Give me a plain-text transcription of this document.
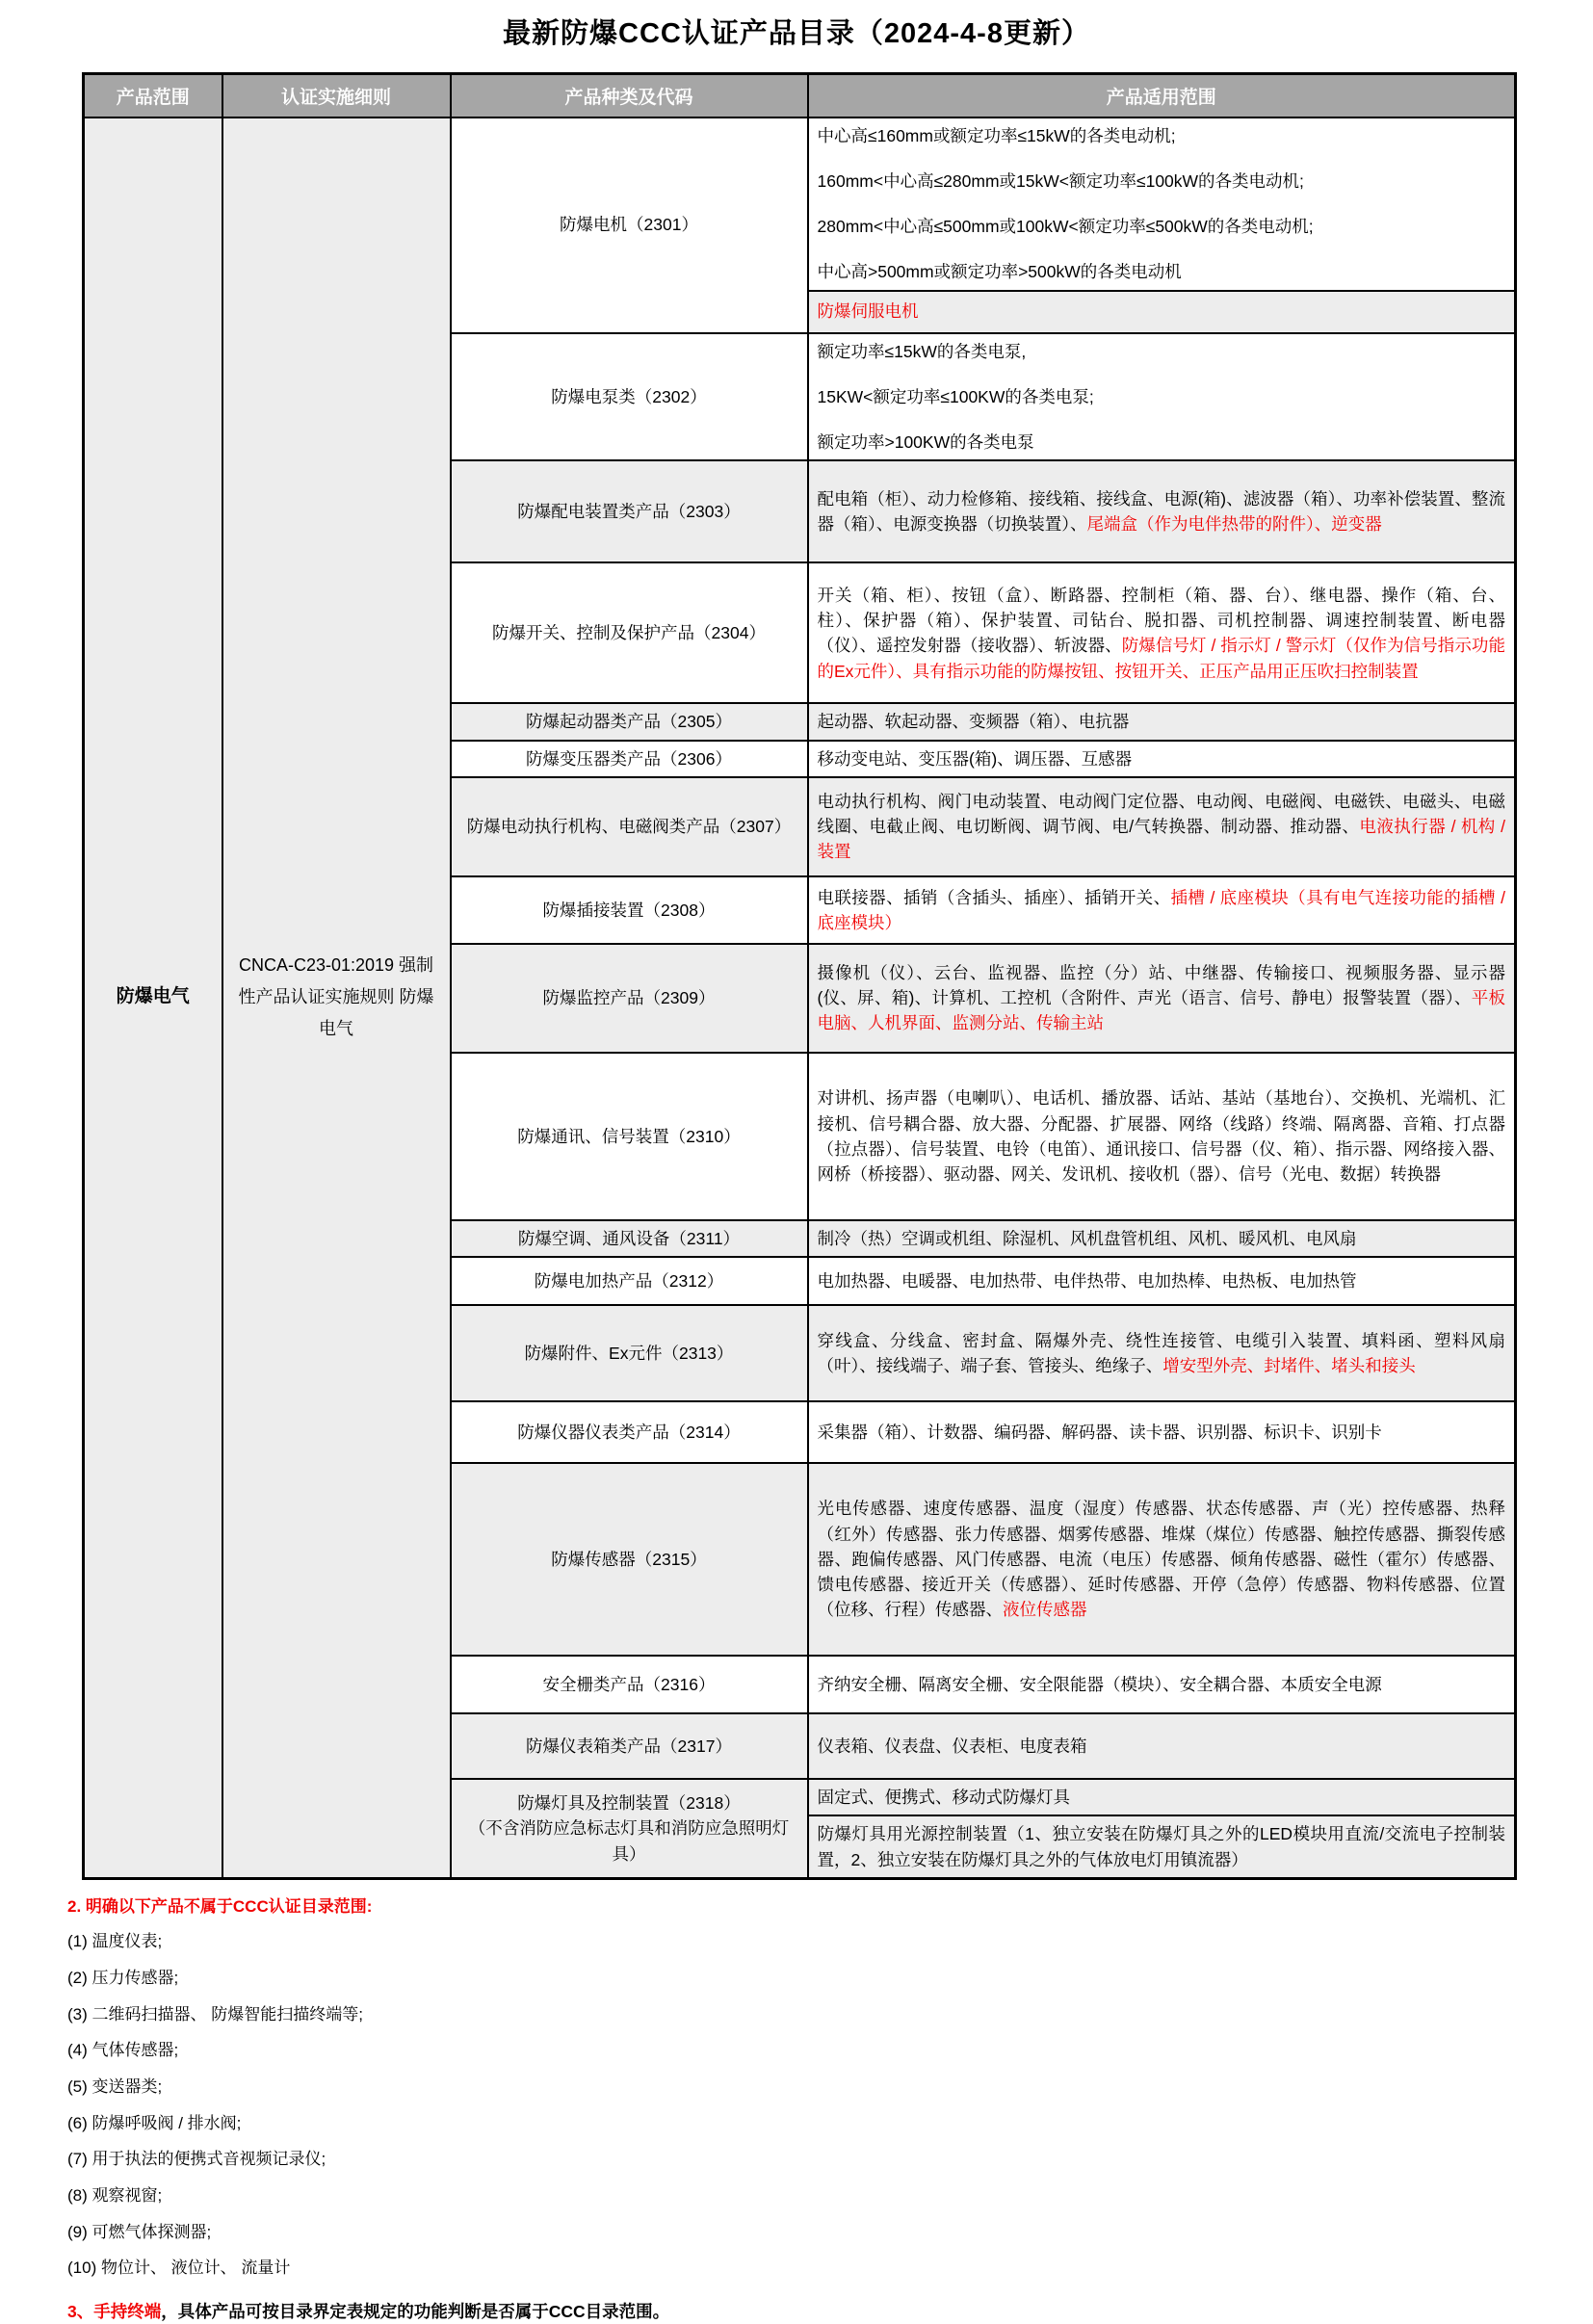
最新防爆CCC认证产品目录（2024-4-8更新）
产品范围	认证实施细则	产品种类及代码	产品适用范围
防爆电气	CNCA-C23-01:2019 强制性产品认证实施规则 防爆电气	防爆电机（2301）	中心高≤160mm或额定功率≤15kW的各类电动机;
160mm<中心高≤280mm或15kW<额定功率≤100kW的各类电动机;
280mm<中心高≤500mm或100kW<额定功率≤500kW的各类电动机;
中心高>500mm或额定功率>500kW的各类电动机

			防爆伺服电机

		防爆电泵类（2302）	额定功率≤15kW的各类电泵,
15KW<额定功率≤100KW的各类电泵;
额定功率>100KW的各类电泵

		防爆配电装置类产品（2303）	配电箱（柜）、动力检修箱、接线箱、接线盒、电源(箱)、滤波器（箱）、功率补偿装置、整流器（箱）、电源变换器（切换装置）、尾端盒（作为电伴热带的附件）、逆变器

		防爆开关、控制及保护产品（2304）	开关（箱、柜）、按钮（盒）、断路器、控制柜（箱、器、台）、继电器、操作（箱、台、柱）、保护器（箱）、保护装置、司钻台、脱扣器、司机控制器、调速控制装置、断电器（仪）、遥控发射器（接收器）、斩波器、防爆信号灯 / 指示灯 / 警示灯（仅作为信号指示功能的Ex元件）、具有指示功能的防爆按钮、按钮开关、正压产品用正压吹扫控制装置

		防爆起动器类产品（2305）	起动器、软起动器、变频器（箱）、电抗器

		防爆变压器类产品（2306）	移动变电站、变压器(箱)、调压器、互感器

		防爆电动执行机构、电磁阀类产品（2307）	电动执行机构、阀门电动装置、电动阀门定位器、电动阀、电磁阀、电磁铁、电磁头、电磁线圈、电截止阀、电切断阀、调节阀、电/气转换器、制动器、推动器、电液执行器 / 机构 / 装置

		防爆插接装置（2308）	电联接器、插销（含插头、插座）、插销开关、插槽 / 底座模块（具有电气连接功能的插槽 / 底座模块）

		防爆监控产品（2309）	摄像机（仪）、云台、监视器、监控（分）站、中继器、传输接口、视频服务器、显示器(仪、屏、箱)、计算机、工控机（含附件、声光（语言、信号、静电）报警装置（器）、平板电脑、人机界面、监测分站、传输主站

		防爆通讯、信号装置（2310）	对讲机、扬声器（电喇叭）、电话机、播放器、话站、基站（基地台）、交换机、光端机、汇接机、信号耦合器、放大器、分配器、扩展器、网络（线路）终端、隔离器、音箱、打点器（拉点器）、信号装置、电铃（电笛）、通讯接口、信号器（仪、箱）、指示器、网络接入器、网桥（桥接器）、驱动器、网关、发讯机、接收机（器）、信号（光电、数据）转换器

		防爆空调、通风设备（2311）	制冷（热）空调或机组、除湿机、风机盘管机组、风机、暖风机、电风扇

		防爆电加热产品（2312）	电加热器、电暖器、电加热带、电伴热带、电加热棒、电热板、电加热管

		防爆附件、Ex元件（2313）	穿线盒、分线盒、密封盒、隔爆外壳、绕性连接管、电缆引入装置、填料函、塑料风扇（叶）、接线端子、端子套、管接头、绝缘子、增安型外壳、封堵件、堵头和接头

		防爆仪器仪表类产品（2314）	采集器（箱）、计数器、编码器、解码器、读卡器、识别器、标识卡、识别卡

		防爆传感器（2315）	光电传感器、速度传感器、温度（湿度）传感器、状态传感器、声（光）控传感器、热释（红外）传感器、张力传感器、烟雾传感器、堆煤（煤位）传感器、触控传感器、撕裂传感器、跑偏传感器、风门传感器、电流（电压）传感器、倾角传感器、磁性（霍尔）传感器、馈电传感器、接近开关（传感器）、延时传感器、开停（急停）传感器、物料传感器、位置（位移、行程）传感器、液位传感器

		安全栅类产品（2316）	齐纳安全栅、隔离安全栅、安全限能器（模块）、安全耦合器、本质安全电源

		防爆仪表箱类产品（2317）	仪表箱、仪表盘、仪表柜、电度表箱

		防爆灯具及控制装置（2318）
（不含消防应急标志灯具和消防应急照明灯具）	固定式、便携式、移动式防爆灯具

			防爆灯具用光源控制装置（1、独立安装在防爆灯具之外的LED模块用直流/交流电子控制装置，2、独立安装在防爆灯具之外的气体放电灯用镇流器）
2. 明确以下产品不属于CCC认证目录范围:
(1) 温度仪表;
(2) 压力传感器;
(3) 二维码扫描器、 防爆智能扫描终端等;
(4) 气体传感器;
(5) 变送器类;
(6) 防爆呼吸阀 / 排水阀;
(7) 用于执法的便携式音视频记录仪;
(8) 观察视窗;
(9) 可燃气体探测器;
(10) 物位计、 液位计、 流量计
3、手持终端，具体产品可按目录界定表规定的功能判断是否属于CCC目录范围。
